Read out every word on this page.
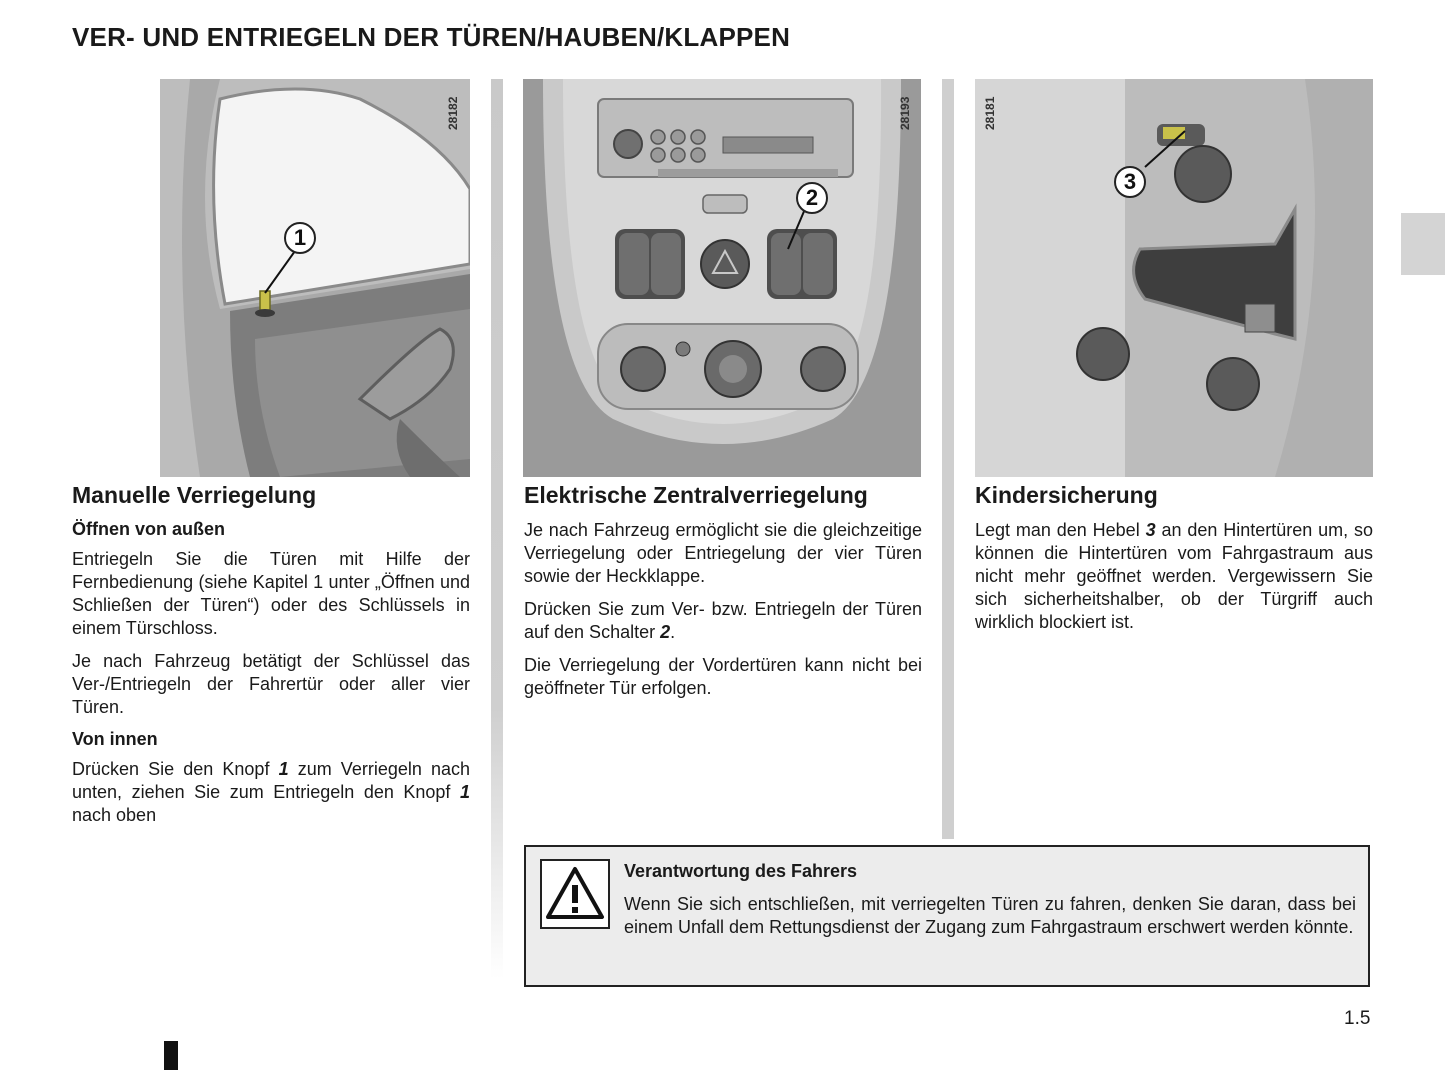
VER- UND ENTRIEGELN DER TÜREN/HAUBEN/KLAPPEN
28182
1
28193
2
28181
3
Manuelle Verriegelung
Öffnen von außen

Entriegeln Sie die Türen mit Hilfe der Fernbedienung (siehe Kapitel 1 unter „Öffnen und Schließen der Türen“) oder des Schlüssels in einem Türschloss.

Je nach Fahrzeug betätigt der Schlüssel das Ver-/Entriegeln der Fahrertür oder aller vier Türen.

Von innen

Drücken Sie den Knopf 1 zum Verriegeln nach unten, ziehen Sie zum Entriegeln den Knopf 1 nach oben

Elektrische Zentralverriegelung

Je nach Fahrzeug ermöglicht sie die gleichzeitige Verriegelung oder Entriegelung der vier Türen sowie der Heckklappe.

Drücken Sie zum Ver- bzw. Entriegeln der Türen auf den Schalter 2.

Die Verriegelung der Vordertüren kann nicht bei geöffneter Tür erfolgen.

Kindersicherung

Legt man den Hebel 3 an den Hintertüren um, so können die Hintertüren vom Fahrgastraum aus nicht mehr geöffnet werden. Vergewissern Sie sich sicherheitshalber, ob der Türgriff auch wirklich blockiert ist.

Verantwortung des Fahrers
Wenn Sie sich entschließen, mit verriegelten Türen zu fahren, denken Sie daran, dass bei einem Unfall dem Rettungsdienst der Zugang zum Fahrgastraum erschwert werden könnte.
1.5
